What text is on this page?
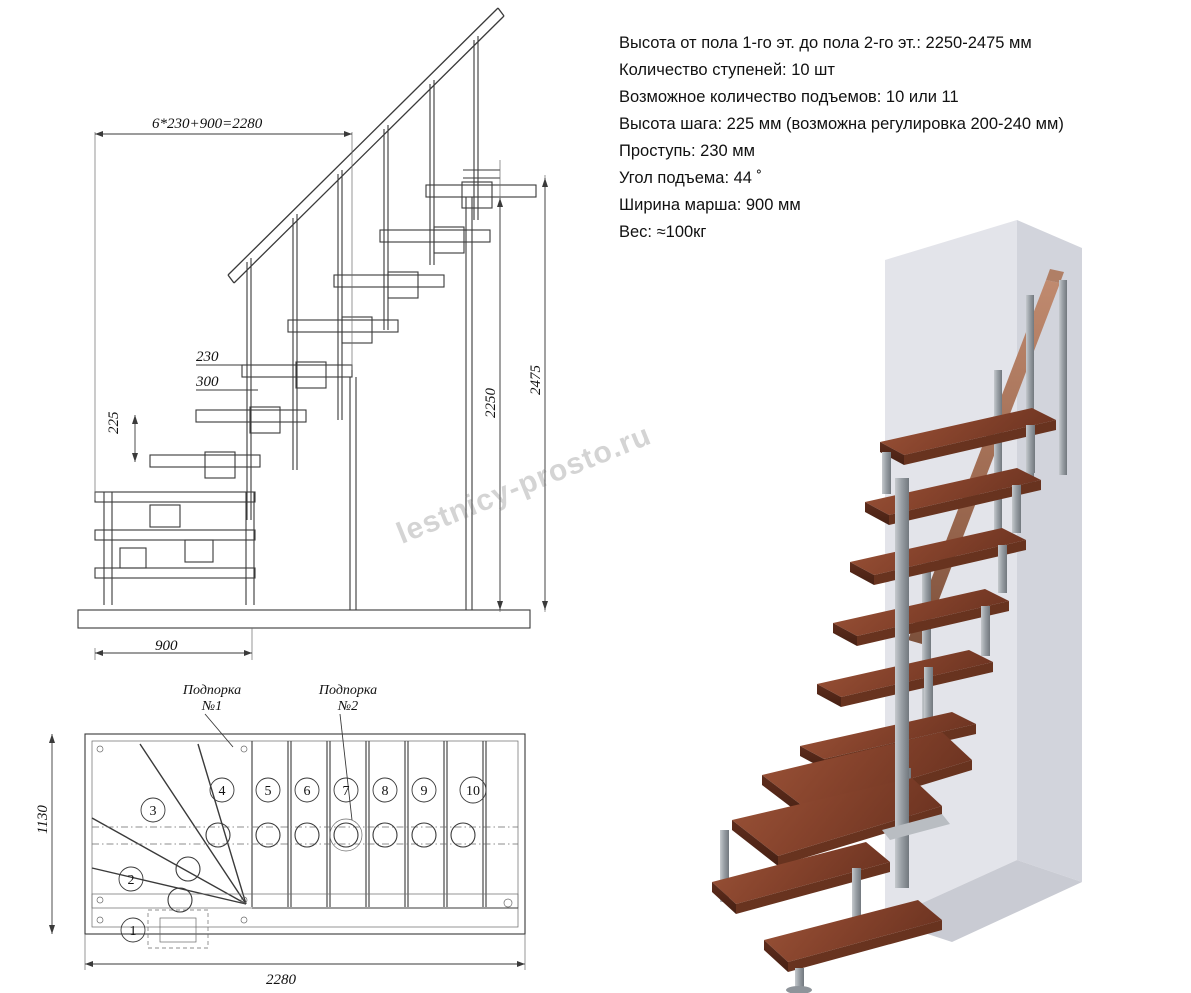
Высота от пола 1-го эт. до пола 2-го эт.: 2250-2475 мм
Количество ступеней: 10 шт
Возможное количество подъемов: 10 или 11
Высота шага: 225 мм (возможна регулировка 200-240 мм)
Проступь: 230 мм
Угол подъема: 44 ˚
Ширина марша: 900 мм
Вес: ≈100кг
6*230+900=2280
230
300
225
2475
2250
900
1
2
3
4	5 6 7 8 9	10
Подпорка
№1
Подпорка
№2
1130
2280
lestnicy-prosto.ru
